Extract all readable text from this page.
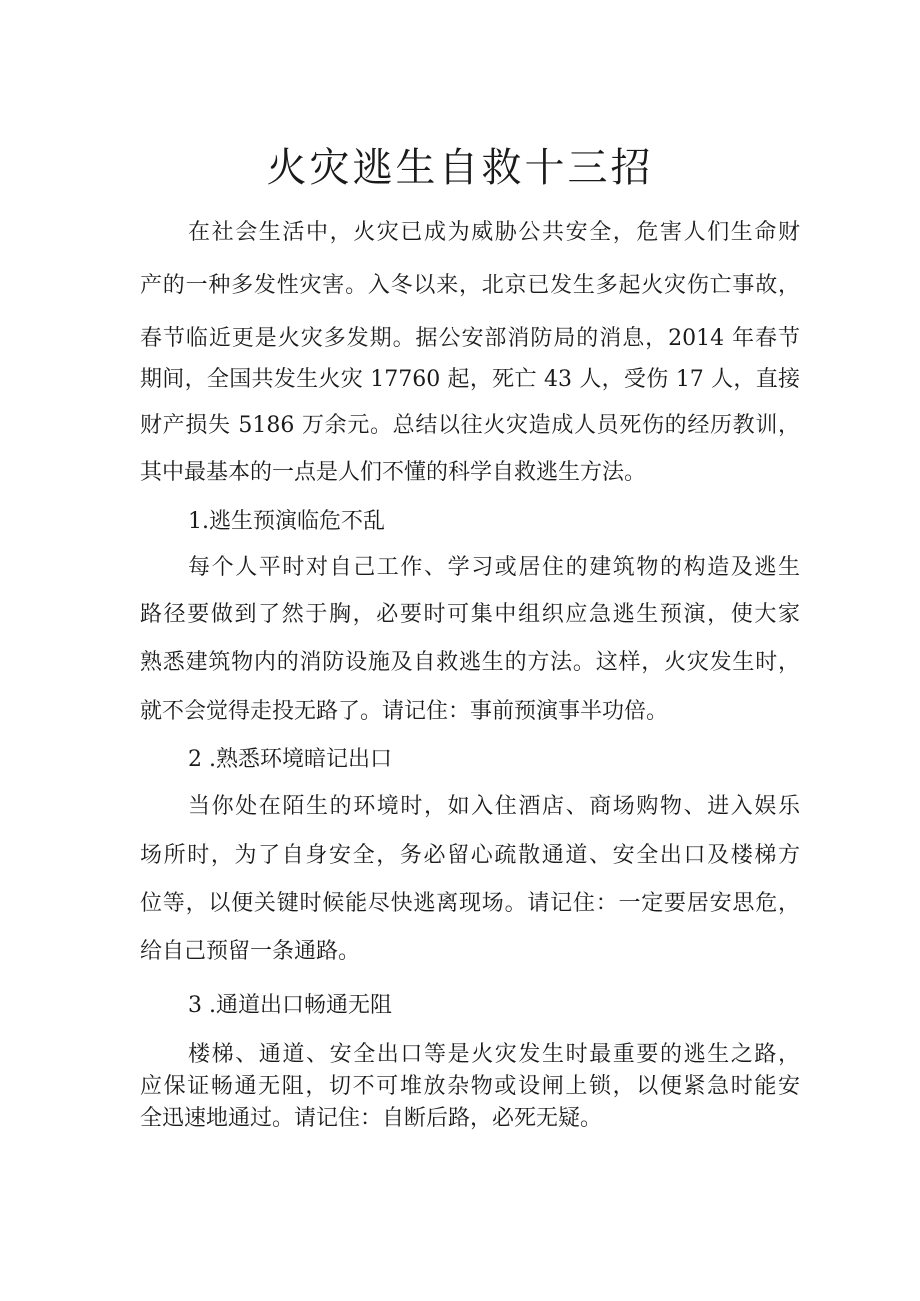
火灾逃生自救十三招

在社会生活中，火灾已成为威胁公共安全，危害人们生命财

产的一种多发性灾害。入冬以来，北京已发生多起火灾伤亡事故，

春节临近更是火灾多发期。据公安部消防局的消息，2014 年春节

期间，全国共发生火灾 17760 起，死亡 43 人，受伤 17 人，直接

财产损失 5186 万余元。总结以往火灾造成人员死伤的经历教训，

其中最基本的一点是人们不懂的科学自救逃生方法。

1.逃生预演临危不乱

每个人平时对自己工作、学习或居住的建筑物的构造及逃生

路径要做到了然于胸，必要时可集中组织应急逃生预演，使大家

熟悉建筑物内的消防设施及自救逃生的方法。这样，火灾发生时，

就不会觉得走投无路了。请记住：事前预演事半功倍。

2 .熟悉环境暗记出口

当你处在陌生的环境时，如入住酒店、商场购物、进入娱乐

场所时，为了自身安全，务必留心疏散通道、安全出口及楼梯方

位等，以便关键时候能尽快逃离现场。请记住：一定要居安思危，

给自己预留一条通路。

3 .通道出口畅通无阻

楼梯、通道、安全出口等是火灾发生时最重要的逃生之路，

应保证畅通无阻，切不可堆放杂物或设闸上锁，以便紧急时能安

全迅速地通过。请记住：自断后路，必死无疑。
